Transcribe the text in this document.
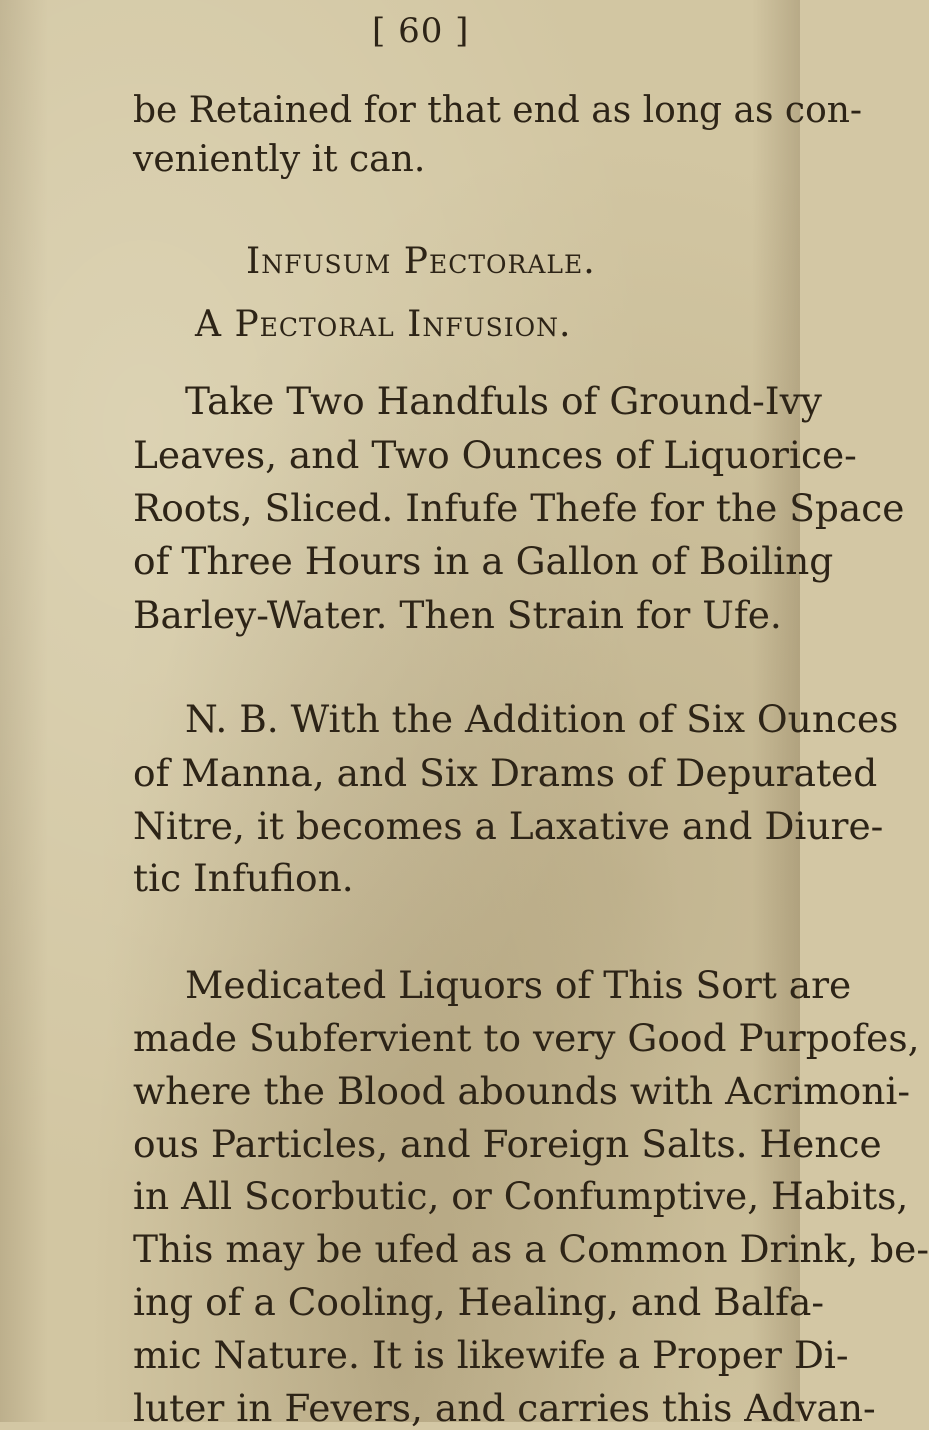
[ 60 ]
be Retained for that end as long as con-
veniently it can.
Infusum Pectorale.
A Pectoral Infusion.
Take Two Handfuls of Ground-Ivy
Leaves, and Two Ounces of Liquorice-
Roots, Sliced. Infufe Thefe for the Space
of Three Hours in a Gallon of Boiling
Barley-Water. Then Strain for Ufe.
N. B. With the Addition of Six Ounces
of Manna, and Six Drams of Depurated
Nitre, it becomes a Laxative and Diure-
tic Infufion.
Medicated Liquors of This Sort are
made Subfervient to very Good Purpofes,
where the Blood abounds with Acrimoni-
ous Particles, and Foreign Salts. Hence
in All Scorbutic, or Confumptive, Habits,
This may be ufed as a Common Drink, be-
ing of a Cooling, Healing, and Balfa-
mic Nature. It is likewife a Proper Di-
luter in Fevers, and carries this Advan-
